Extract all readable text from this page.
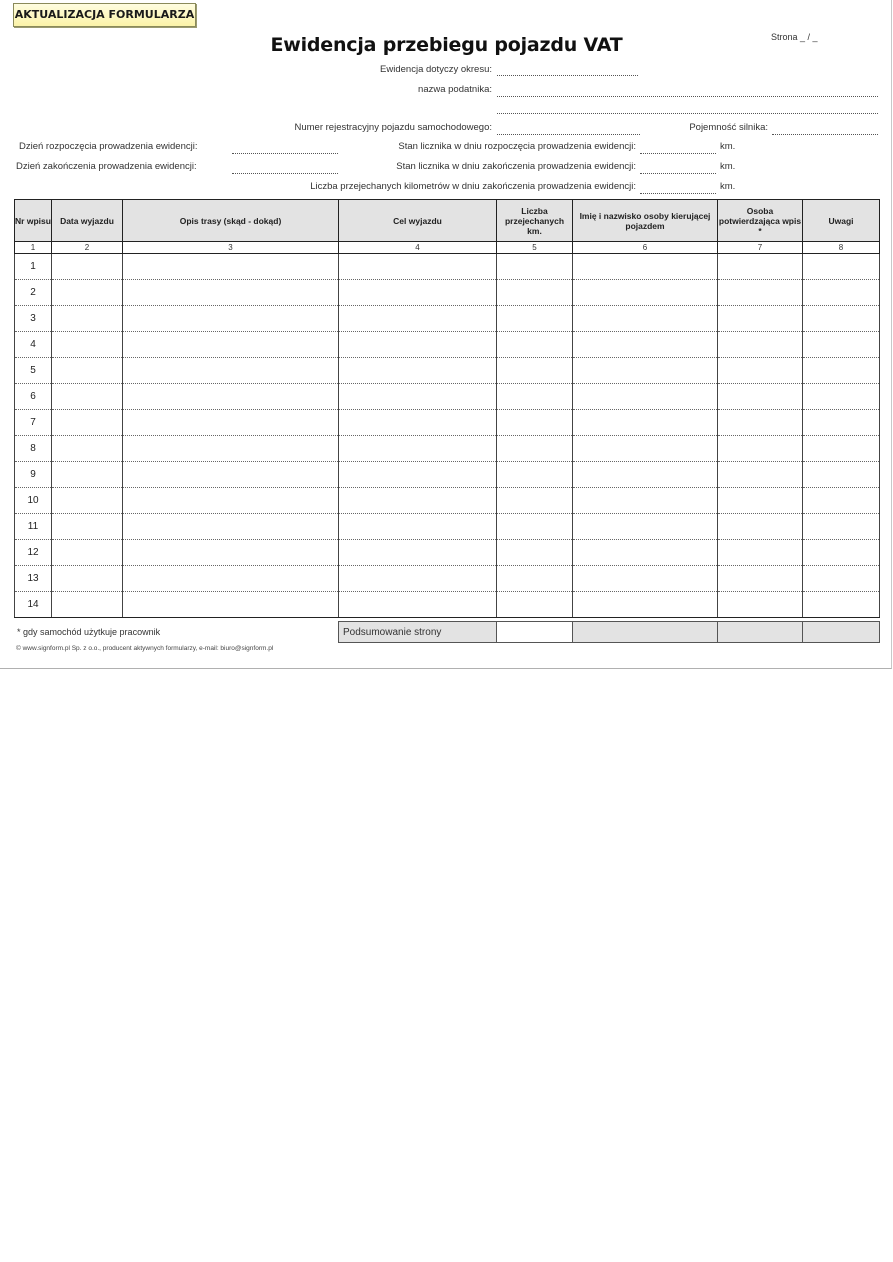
AKTUALIZACJA FORMULARZA
Ewidencja przebiegu pojazdu VAT	Strona _ / _
Ewidencja dotyczy okresu:
nazwa podatnika:
Numer rejestracyjny pojazdu samochodowego:	Pojemność silnika:
Dzień rozpoczęcia prowadzenia ewidencji:	Stan licznika w dniu rozpoczęcia prowadzenia ewidencji:	km.
Dzień zakończenia prowadzenia ewidencji:	Stan licznika w dniu zakończenia prowadzenia ewidencji:	km.
Liczba przejechanych kilometrów w dniu zakończenia prowadzenia ewidencji:	km.
Nr wpisu	Data wyjazdu	Opis trasy (skąd - dokąd)	Cel wyjazdu	Liczba przejechanych km.	Imię i nazwisko osoby kierującej pojazdem	Osoba potwierdzająca wpis *	Uwagi
1	2	3	4	5	6	7	8
1							
2							
3							
4							
5							
6							
7							
8							
9							
10							
11							
12							
13							
14							
Podsumowanie strony				
* gdy samochód użytkuje pracownik
© www.signform.pl Sp. z o.o., producent aktywnych formularzy, e-mail: biuro@signform.pl
